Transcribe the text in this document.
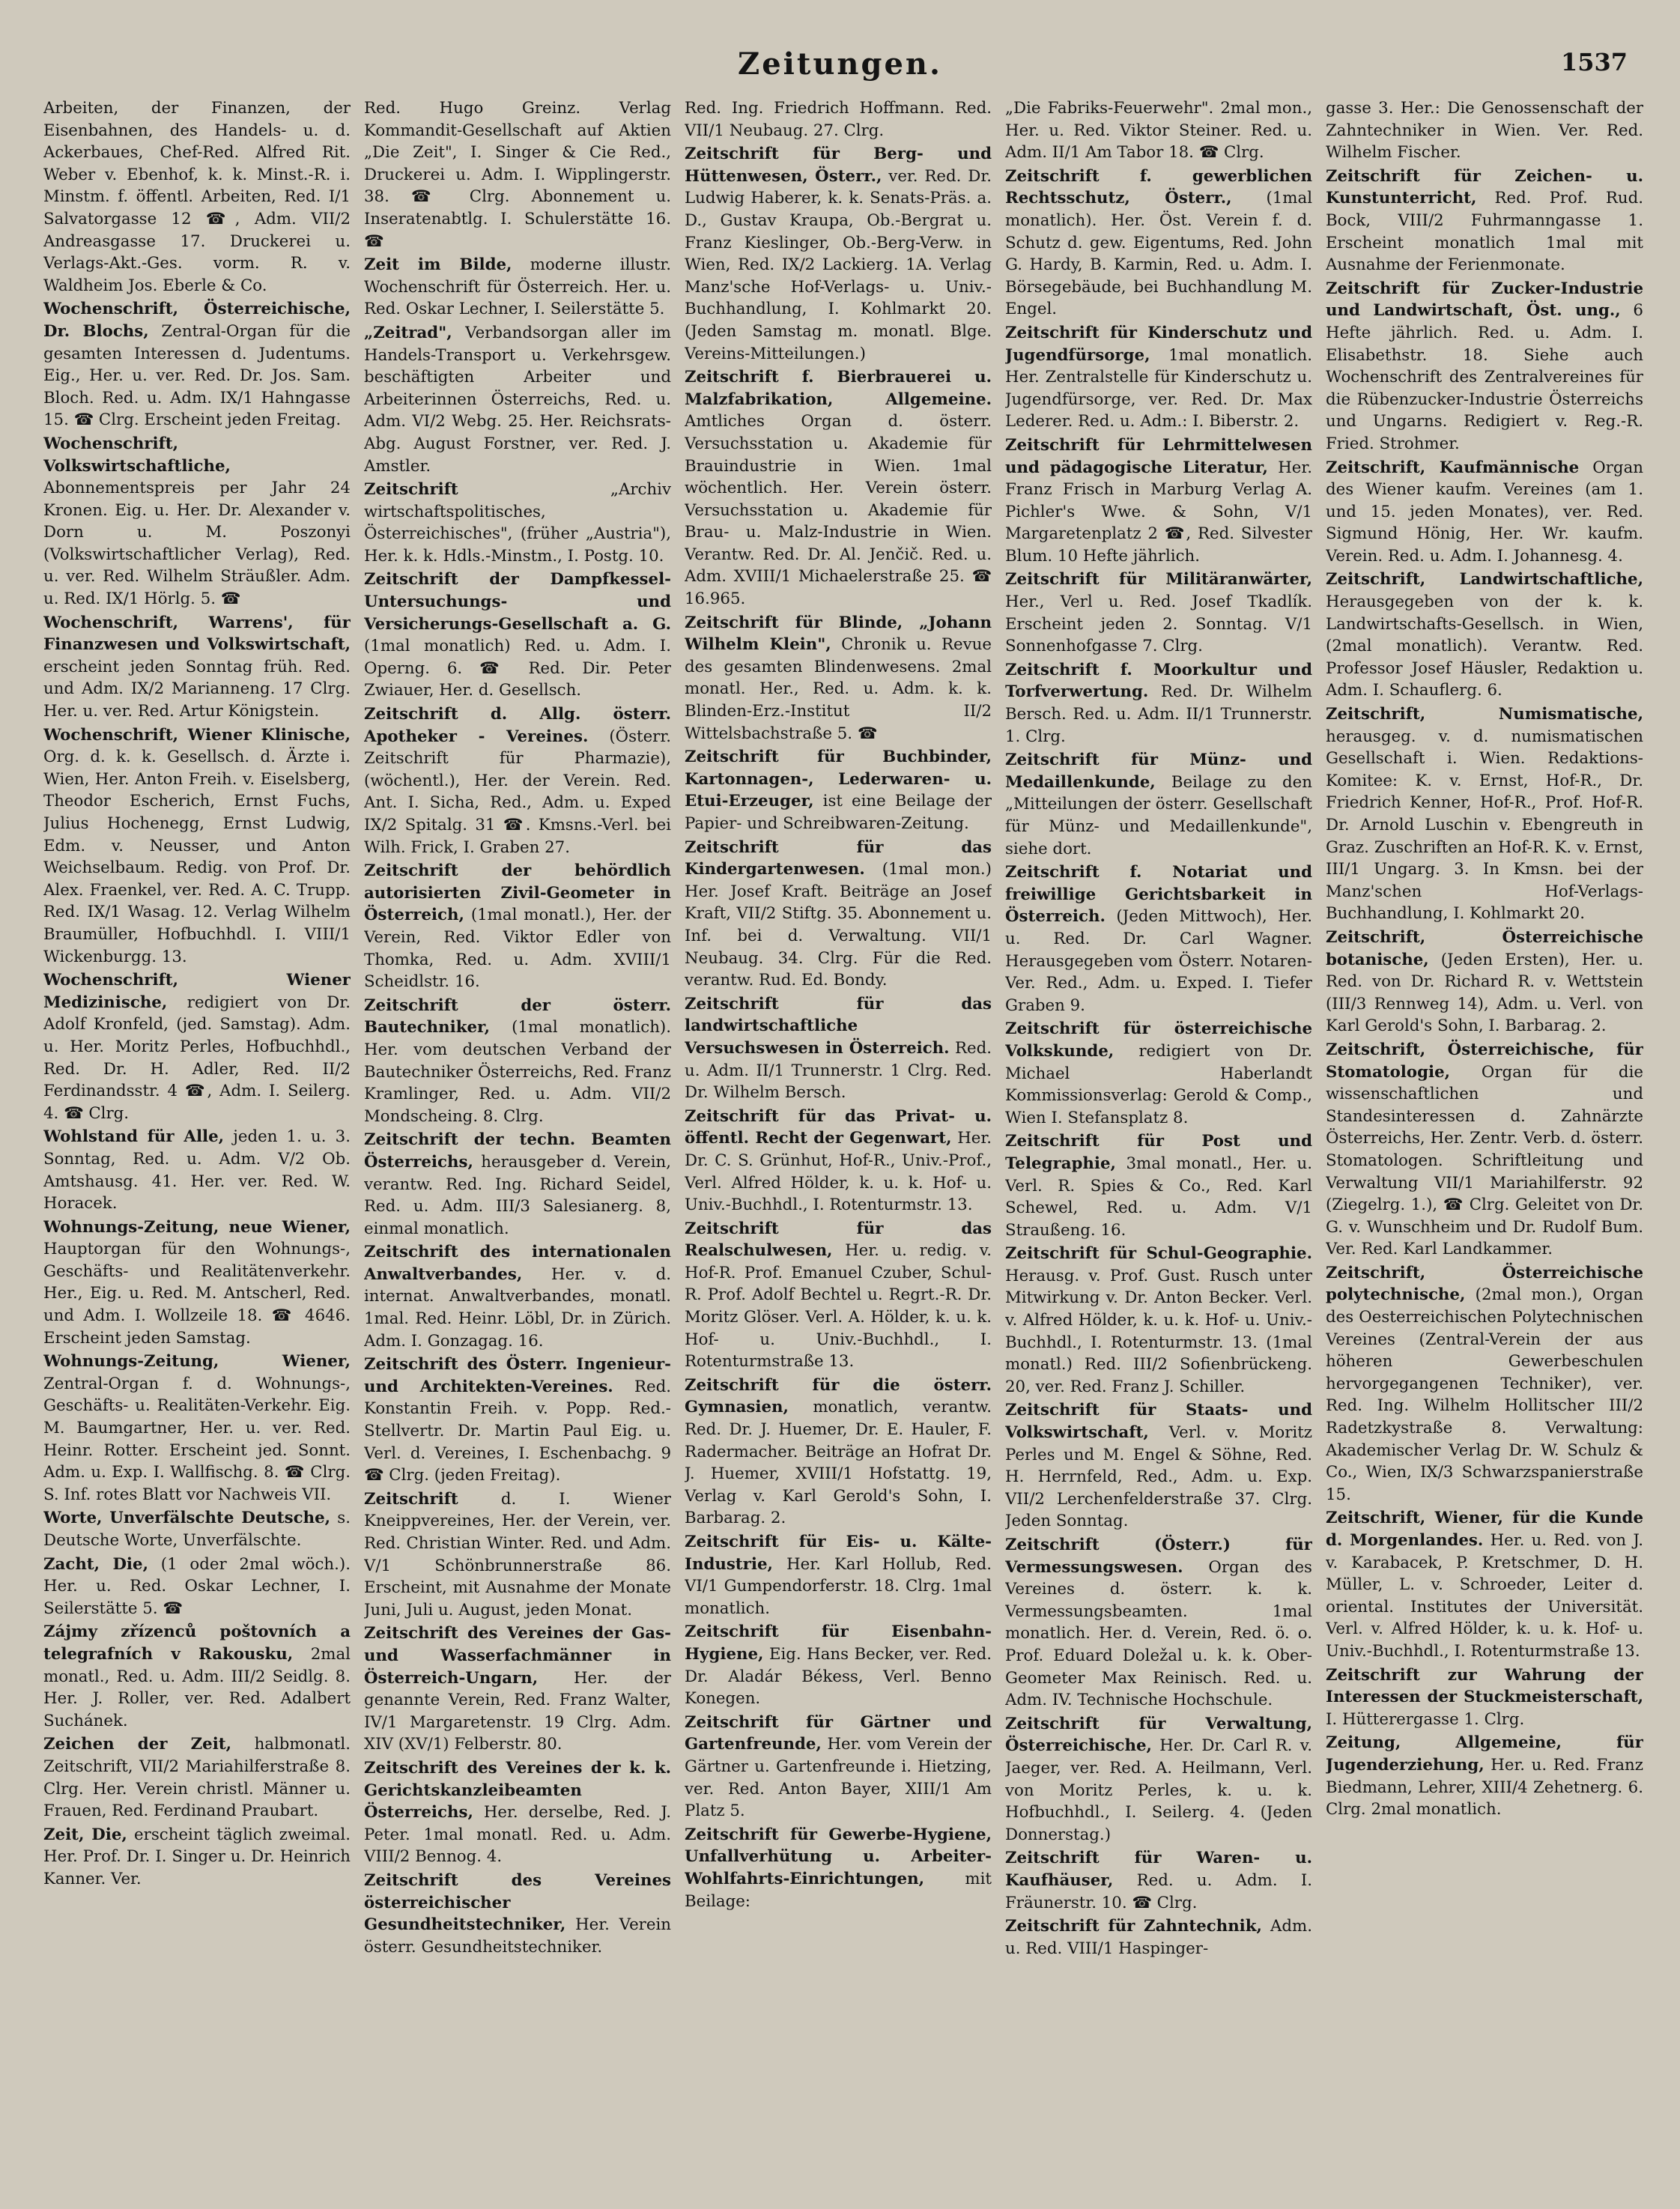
Zeitungen.	1537

Arbeiten, der Finanzen, der Eisenbahnen, des Handels- u. d. Ackerbaues, Chef-Red. Alfred Rit. Weber v. Ebenhof, k. k. Minst.-R. i. Minstm. f. öffentl. Arbeiten, Red. I/1 Salvatorgasse 12 ☎, Adm. VII/2 Andreasgasse 17. Druckerei u. Verlags-Akt.-Ges. vorm. R. v. Waldheim Jos. Eberle & Co.

Wochenschrift, Österreichische, Dr. Blochs, Zentral-Organ für die gesamten Interessen d. Judentums. Eig., Her. u. ver. Red. Dr. Jos. Sam. Bloch. Red. u. Adm. IX/1 Hahngasse 15. ☎ Clrg. Erscheint jeden Freitag.

Wochenschrift, Volkswirtschaftliche, Abonnementspreis per Jahr 24 Kronen. Eig. u. Her. Dr. Alexander v. Dorn u. M. Poszonyi (Volkswirtschaftlicher Verlag), Red. u. ver. Red. Wilhelm Sträußler. Adm. u. Red. IX/1 Hörlg. 5. ☎

Wochenschrift, Warrens', für Finanzwesen und Volkswirtschaft, erscheint jeden Sonntag früh. Red. und Adm. IX/2 Marianneng. 17 Clrg. Her. u. ver. Red. Artur Königstein.

Wochenschrift, Wiener Klinische, Org. d. k. k. Gesellsch. d. Ärzte i. Wien, Her. Anton Freih. v. Eiselsberg, Theodor Escherich, Ernst Fuchs, Julius Hochenegg, Ernst Ludwig, Edm. v. Neusser, und Anton Weichselbaum. Redig. von Prof. Dr. Alex. Fraenkel, ver. Red. A. C. Trupp. Red. IX/1 Wasag. 12. Verlag Wilhelm Braumüller, Hofbuchhdl. I. VIII/1 Wickenburgg. 13.

Wochenschrift, Wiener Medizinische, redigiert von Dr. Adolf Kronfeld, (jed. Samstag). Adm. u. Her. Moritz Perles, Hofbuchhdl., Red. Dr. H. Adler, Red. II/2 Ferdinandsstr. 4 ☎, Adm. I. Seilerg. 4. ☎ Clrg.

Wohlstand für Alle, jeden 1. u. 3. Sonntag, Red. u. Adm. V/2 Ob. Amtshausg. 41. Her. ver. Red. W. Horacek.

Wohnungs-Zeitung, neue Wiener, Hauptorgan für den Wohnungs-, Geschäfts- und Realitätenverkehr. Her., Eig. u. Red. M. Antscherl, Red. und Adm. I. Wollzeile 18. ☎ 4646. Erscheint jeden Samstag.

Wohnungs-Zeitung, Wiener, Zentral-Organ f. d. Wohnungs-, Geschäfts- u. Realitäten-Verkehr. Eig. M. Baumgartner, Her. u. ver. Red. Heinr. Rotter. Erscheint jed. Sonnt. Adm. u. Exp. I. Wallfischg. 8. ☎ Clrg. S. Inf. rotes Blatt vor Nachweis VII.

Worte, Unverfälschte Deutsche, s. Deutsche Worte, Unverfälschte.

Zacht, Die, (1 oder 2mal wöch.). Her. u. Red. Oskar Lechner, I. Seilerstätte 5. ☎

Zájmy zřízenců poštovních a telegrafních v Rakousku, 2mal monatl., Red. u. Adm. III/2 Seidlg. 8. Her. J. Roller, ver. Red. Adalbert Suchánek.

Zeichen der Zeit, halbmonatl. Zeitschrift, VII/2 Mariahilferstraße 8. Clrg. Her. Verein christl. Männer u. Frauen, Red. Ferdinand Praubart.

Zeit, Die, erscheint täglich zweimal. Her. Prof. Dr. I. Singer u. Dr. Heinrich Kanner. Ver.

Red. Hugo Greinz. Verlag Kommandit-Gesellschaft auf Aktien „Die Zeit", I. Singer & Cie Red., Druckerei u. Adm. I. Wipplingerstr. 38. ☎ Clrg. Abonnement u. Inseratenabtlg. I. Schulerstätte 16. ☎

Zeit im Bilde, moderne illustr. Wochenschrift für Österreich. Her. u. Red. Oskar Lechner, I. Seilerstätte 5.

„Zeitrad", Verbandsorgan aller im Handels-Transport u. Verkehrsgew. beschäftigten Arbeiter und Arbeiterinnen Österreichs, Red. u. Adm. VI/2 Webg. 25. Her. Reichsrats-Abg. August Forstner, ver. Red. J. Amstler.

Zeitschrift	„Archiv wirtschaftspolitisches, Österreichisches", (früher „Austria"), Her. k. k. Hdls.-Minstm., I. Postg. 10.

Zeitschrift der Dampfkessel-Untersuchungs- und Versicherungs-Gesellschaft a. G. (1mal monatlich) Red. u. Adm. I. Operng. 6. ☎ Red. Dir. Peter Zwiauer, Her. d. Gesellsch.

Zeitschrift d. Allg. österr. Apotheker - Vereines. (Österr. Zeitschrift für Pharmazie), (wöchentl.), Her. der Verein. Red. Ant. I. Sicha, Red., Adm. u. Exped IX/2 Spitalg. 31 ☎. Kmsns.-Verl. bei Wilh. Frick, I. Graben 27.

Zeitschrift der behördlich autorisierten Zivil-Geometer in Österreich, (1mal monatl.), Her. der Verein, Red. Viktor Edler von Thomka, Red. u. Adm. XVIII/1 Scheidlstr. 16.

Zeitschrift der österr. Bautechniker, (1mal monatlich). Her. vom deutschen Verband der Bautechniker Österreichs, Red. Franz Kramlinger, Red. u. Adm. VII/2 Mondscheing. 8. Clrg.

Zeitschrift der techn. Beamten Österreichs, herausgeber d. Verein, verantw. Red. Ing. Richard Seidel, Red. u. Adm. III/3 Salesianerg. 8, einmal monatlich.

Zeitschrift des internationalen Anwaltverbandes, Her. v. d. internat. Anwaltverbandes, monatl. 1mal. Red. Heinr. Löbl, Dr. in Zürich. Adm. I. Gonzagag. 16.

Zeitschrift des Österr. Ingenieur- und Architekten-Vereines. Red. Konstantin Freih. v. Popp. Red.-Stellvertr. Dr. Martin Paul Eig. u. Verl. d. Vereines, I. Eschenbachg. 9 ☎ Clrg. (jeden Freitag).

Zeitschrift	d. I. Wiener Kneippvereines, Her. der Verein, ver. Red. Christian Winter. Red. und Adm. V/1 Schönbrunnerstraße 86. Erscheint, mit Ausnahme der Monate Juni, Juli u. August, jeden Monat.

Zeitschrift des Vereines der Gas- und Wasserfachmänner in Österreich-Ungarn, Her. der genannte Verein, Red. Franz Walter, IV/1 Margaretenstr. 19 Clrg. Adm. XIV (XV/1) Felberstr. 80.

Zeitschrift des Vereines der k. k. Gerichtskanzleibeamten Österreichs, Her. derselbe, Red. J. Peter. 1mal monatl. Red. u. Adm. VIII/2 Bennog. 4.

Zeitschrift des Vereines österreichischer Gesundheitstechniker, Her. Verein österr. Gesundheitstechniker.

Red. Ing. Friedrich Hoffmann. Red. VII/1 Neubaug. 27. Clrg.

Zeitschrift für Berg- und Hüttenwesen, Österr., ver. Red. Dr. Ludwig Haberer, k. k. Senats-Präs. a. D., Gustav Kraupa, Ob.-Bergrat u. Franz Kieslinger, Ob.-Berg-Verw. in Wien, Red. IX/2 Lackierg. 1A. Verlag Manz'sche Hof-Verlags- u. Univ.-Buchhandlung, I. Kohlmarkt 20. (Jeden Samstag m. monatl. Blge. Vereins-Mitteilungen.)

Zeitschrift f. Bierbrauerei u. Malzfabrikation, Allgemeine. Amtliches Organ d. österr. Versuchsstation u. Akademie für Brauindustrie in Wien. 1mal wöchentlich. Her. Verein österr. Versuchsstation u. Akademie für Brau- u. Malz-Industrie in Wien. Verantw. Red. Dr. Al. Jenčič. Red. u. Adm. XVIII/1 Michaelerstraße 25. ☎ 16.965.

Zeitschrift für Blinde, „Johann Wilhelm Klein", Chronik u. Revue des gesamten Blindenwesens. 2mal monatl. Her., Red. u. Adm. k. k. Blinden-Erz.-Institut II/2 Wittelsbachstraße 5. ☎

Zeitschrift für Buchbinder, Kartonnagen-, Lederwaren- u. Etui-Erzeuger, ist eine Beilage der Papier- und Schreibwaren-Zeitung.

Zeitschrift für das Kindergartenwesen. (1mal mon.) Her. Josef Kraft. Beiträge an Josef Kraft, VII/2 Stiftg. 35. Abonnement u. Inf. bei d. Verwaltung. VII/1 Neubaug. 34. Clrg. Für die Red. verantw. Rud. Ed. Bondy.

Zeitschrift für das landwirtschaftliche Versuchswesen in Österreich. Red. u. Adm. II/1 Trunnerstr. 1 Clrg. Red. Dr. Wilhelm Bersch.

Zeitschrift für das Privat- u. öffentl. Recht der Gegenwart, Her. Dr. C. S. Grünhut, Hof-R., Univ.-Prof., Verl. Alfred Hölder, k. u. k. Hof- u. Univ.-Buchhdl., I. Rotenturmstr. 13.

Zeitschrift für das Realschulwesen, Her. u. redig. v. Hof-R. Prof. Emanuel Czuber, Schul-R. Prof. Adolf Bechtel u. Regrt.-R. Dr. Moritz Glöser. Verl. A. Hölder, k. u. k. Hof- u. Univ.-Buchhdl., I. Rotenturmstraße 13.

Zeitschrift für die österr. Gymnasien, monatlich, verantw. Red. Dr. J. Huemer, Dr. E. Hauler, F. Radermacher. Beiträge an Hofrat Dr. J. Huemer, XVIII/1 Hofstattg. 19, Verlag v. Karl Gerold's Sohn, I. Barbarag. 2.

Zeitschrift für Eis- u. Kälte-Industrie, Her. Karl Hollub, Red. VI/1 Gumpendorferstr. 18. Clrg. 1mal monatlich.

Zeitschrift für Eisenbahn-Hygiene, Eig. Hans Becker, ver. Red. Dr. Aladár Békess, Verl. Benno Konegen.

Zeitschrift für Gärtner und Gartenfreunde, Her. vom Verein der Gärtner u. Gartenfreunde i. Hietzing, ver. Red. Anton Bayer, XIII/1 Am Platz 5.

Zeitschrift für Gewerbe-Hygiene, Unfallverhütung u. Arbeiter-Wohlfahrts-Einrichtungen,	mit Beilage:

„Die Fabriks-Feuerwehr". 2mal mon., Her. u. Red. Viktor Steiner. Red. u. Adm. II/1 Am Tabor 18. ☎ Clrg.

Zeitschrift f. gewerblichen Rechtsschutz, Österr., (1mal monatlich). Her. Öst. Verein f. d. Schutz d. gew. Eigentums, Red. John G. Hardy, B. Karmin, Red. u. Adm. I. Börsegebäude, bei Buchhandlung M. Engel.

Zeitschrift für Kinderschutz und Jugendfürsorge, 1mal monatlich. Her. Zentralstelle für Kinderschutz u. Jugendfürsorge, ver. Red. Dr. Max Lederer. Red. u. Adm.: I. Biberstr. 2.

Zeitschrift für Lehrmittelwesen und pädagogische Literatur, Her. Franz Frisch in Marburg Verlag A. Pichler's Wwe. & Sohn, V/1 Margaretenplatz 2 ☎, Red. Silvester Blum. 10 Hefte jährlich.

Zeitschrift für Militäranwärter, Her., Verl u. Red. Josef Tkadlík. Erscheint jeden 2. Sonntag. V/1 Sonnenhofgasse 7. Clrg.

Zeitschrift f. Moorkultur und Torfverwertung. Red. Dr. Wilhelm Bersch. Red. u. Adm. II/1 Trunnerstr. 1. Clrg.

Zeitschrift für Münz- und Medaillenkunde, Beilage zu den „Mitteilungen der österr. Gesellschaft für Münz- und Medaillenkunde", siehe dort.

Zeitschrift f. Notariat und freiwillige Gerichtsbarkeit in Österreich. (Jeden Mittwoch), Her. u. Red. Dr. Carl Wagner. Herausgegeben vom Österr. Notaren-Ver. Red., Adm. u. Exped. I. Tiefer Graben 9.

Zeitschrift für österreichische Volkskunde, redigiert von Dr. Michael Haberlandt Kommissionsverlag: Gerold & Comp., Wien I. Stefansplatz 8.

Zeitschrift für Post und Telegraphie, 3mal monatl., Her. u. Verl. R. Spies & Co., Red. Karl Schewel, Red. u. Adm. V/1 Straußeng. 16.

Zeitschrift für Schul-Geographie. Herausg. v. Prof. Gust. Rusch unter Mitwirkung v. Dr. Anton Becker. Verl. v. Alfred Hölder, k. u. k. Hof- u. Univ.-Buchhdl., I. Rotenturmstr. 13. (1mal monatl.) Red. III/2 Sofienbrückeng. 20, ver. Red. Franz J. Schiller.

Zeitschrift für Staats- und Volkswirtschaft, Verl. v. Moritz Perles und M. Engel & Söhne, Red. H. Herrnfeld, Red., Adm. u. Exp. VII/2 Lerchenfelderstraße 37. Clrg. Jeden Sonntag.

Zeitschrift (Österr.) für Vermessungswesen. Organ des Vereines d. österr. k. k. Vermessungsbeamten. 1mal monatlich. Her. d. Verein, Red. ö. o. Prof. Eduard Doležal u. k. k. Ober-Geometer Max Reinisch. Red. u. Adm. IV. Technische Hochschule.

Zeitschrift für Verwaltung, Österreichische, Her. Dr. Carl R. v. Jaeger, ver. Red. A. Heilmann, Verl. von Moritz Perles, k. u. k. Hofbuchhdl., I. Seilerg. 4. (Jeden Donnerstag.)

Zeitschrift für Waren- u. Kaufhäuser, Red. u. Adm. I. Fräunerstr. 10. ☎ Clrg.

Zeitschrift für Zahntechnik, Adm. u. Red. VIII/1 Haspinger-

gasse 3. Her.: Die Genossenschaft der Zahntechniker in Wien. Ver. Red. Wilhelm Fischer.

Zeitschrift für Zeichen- u. Kunstunterricht, Red. Prof. Rud. Bock, VIII/2 Fuhrmanngasse 1. Erscheint monatlich 1mal mit Ausnahme der Ferienmonate.

Zeitschrift für Zucker-Industrie und Landwirtschaft, Öst. ung., 6 Hefte jährlich. Red. u. Adm. I. Elisabethstr. 18. Siehe auch Wochenschrift des Zentralvereines für die Rübenzucker-Industrie Österreichs und Ungarns. Redigiert v. Reg.-R. Fried. Strohmer.

Zeitschrift, Kaufmännische Organ des Wiener kaufm. Vereines (am 1. und 15. jeden Monates), ver. Red. Sigmund Hönig, Her. Wr. kaufm. Verein. Red. u. Adm. I. Johannesg. 4.

Zeitschrift, Landwirtschaftliche, Herausgegeben von der k. k. Landwirtschafts-Gesellsch. in Wien, (2mal monatlich). Verantw. Red. Professor Josef Häusler, Redaktion u. Adm. I. Schauflerg. 6.

Zeitschrift, Numismatische, herausgeg. v. d. numismatischen Gesellschaft i. Wien. Redaktions-Komitee: K. v. Ernst, Hof-R., Dr. Friedrich Kenner, Hof-R., Prof. Hof-R. Dr. Arnold Luschin v. Ebengreuth in Graz. Zuschriften an Hof-R. K. v. Ernst, III/1 Ungarg. 3. In Kmsn. bei der Manz'schen Hof-Verlags-Buchhandlung, I. Kohlmarkt 20.

Zeitschrift, Österreichische botanische, (Jeden Ersten), Her. u. Red. von Dr. Richard R. v. Wettstein (III/3 Rennweg 14), Adm. u. Verl. von Karl Gerold's Sohn, I. Barbarag. 2.

Zeitschrift, Österreichische, für Stomatologie, Organ für die wissenschaftlichen und Standesinteressen d. Zahnärzte Österreichs, Her. Zentr. Verb. d. österr. Stomatologen. Schriftleitung und Verwaltung VII/1 Mariahilferstr. 92 (Ziegelrg. 1.), ☎ Clrg. Geleitet von Dr. G. v. Wunschheim und Dr. Rudolf Bum. Ver. Red. Karl Landkammer.

Zeitschrift, Österreichische polytechnische, (2mal mon.), Organ des Oesterreichischen Polytechnischen Vereines (Zentral-Verein der aus höheren Gewerbeschulen hervorgegangenen Techniker), ver. Red. Ing. Wilhelm Hollitscher III/2 Radetzkystraße 8. Verwaltung: Akademischer Verlag Dr. W. Schulz & Co., Wien, IX/3 Schwarzspanierstraße 15.

Zeitschrift, Wiener, für die Kunde d. Morgenlandes. Her. u. Red. von J. v. Karabacek, P. Kretschmer, D. H. Müller, L. v. Schroeder, Leiter d. oriental. Institutes der Universität. Verl. v. Alfred Hölder, k. u. k. Hof- u. Univ.-Buchhdl., I. Rotenturmstraße 13.

Zeitschrift zur Wahrung der Interessen der Stuckmeisterschaft, I. Hütterergasse 1. Clrg.

Zeitung, Allgemeine, für Jugenderziehung, Her. u. Red. Franz Biedmann, Lehrer, XIII/4 Zehetnerg. 6. Clrg. 2mal monatlich.
